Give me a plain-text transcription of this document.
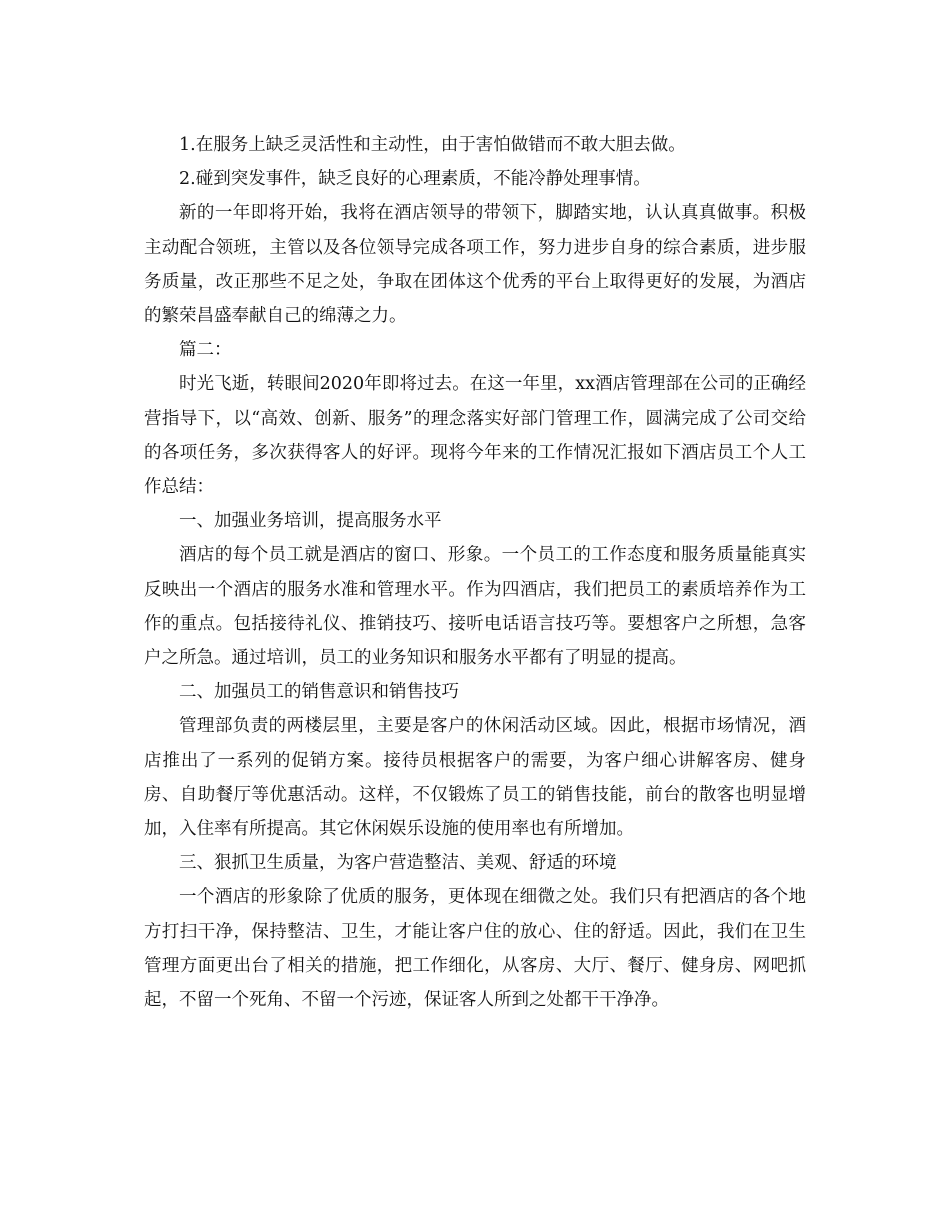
1.在服务上缺乏灵活性和主动性，由于害怕做错而不敢大胆去做。

2.碰到突发事件，缺乏良好的心理素质，不能冷静处理事情。

新的一年即将开始，我将在酒店领导的带领下，脚踏实地，认认真真做事。积极主动配合领班，主管以及各位领导完成各项工作，努力进步自身的综合素质，进步服务质量，改正那些不足之处，争取在团体这个优秀的平台上取得更好的发展，为酒店的繁荣昌盛奉献自己的绵薄之力。

篇二：

时光飞逝，转眼间2020年即将过去。在这一年里，xx酒店管理部在公司的正确经营指导下，以“高效、创新、服务”的理念落实好部门管理工作，圆满完成了公司交给的各项任务，多次获得客人的好评。现将今年来的工作情况汇报如下酒店员工个人工作总结：

一、加强业务培训，提高服务水平

酒店的每个员工就是酒店的窗口、形象。一个员工的工作态度和服务质量能真实反映出一个酒店的服务水准和管理水平。作为四酒店，我们把员工的素质培养作为工作的重点。包括接待礼仪、推销技巧、接听电话语言技巧等。要想客户之所想，急客户之所急。通过培训，员工的业务知识和服务水平都有了明显的提高。

二、加强员工的销售意识和销售技巧

管理部负责的两楼层里，主要是客户的休闲活动区域。因此，根据市场情况，酒店推出了一系列的促销方案。接待员根据客户的需要，为客户细心讲解客房、健身房、自助餐厅等优惠活动。这样，不仅锻炼了员工的销售技能，前台的散客也明显增加，入住率有所提高。其它休闲娱乐设施的使用率也有所增加。

三、狠抓卫生质量，为客户营造整洁、美观、舒适的环境

一个酒店的形象除了优质的服务，更体现在细微之处。我们只有把酒店的各个地方打扫干净，保持整洁、卫生，才能让客户住的放心、住的舒适。因此，我们在卫生管理方面更出台了相关的措施，把工作细化，从客房、大厅、餐厅、健身房、网吧抓起，不留一个死角、不留一个污迹，保证客人所到之处都干干净净。
